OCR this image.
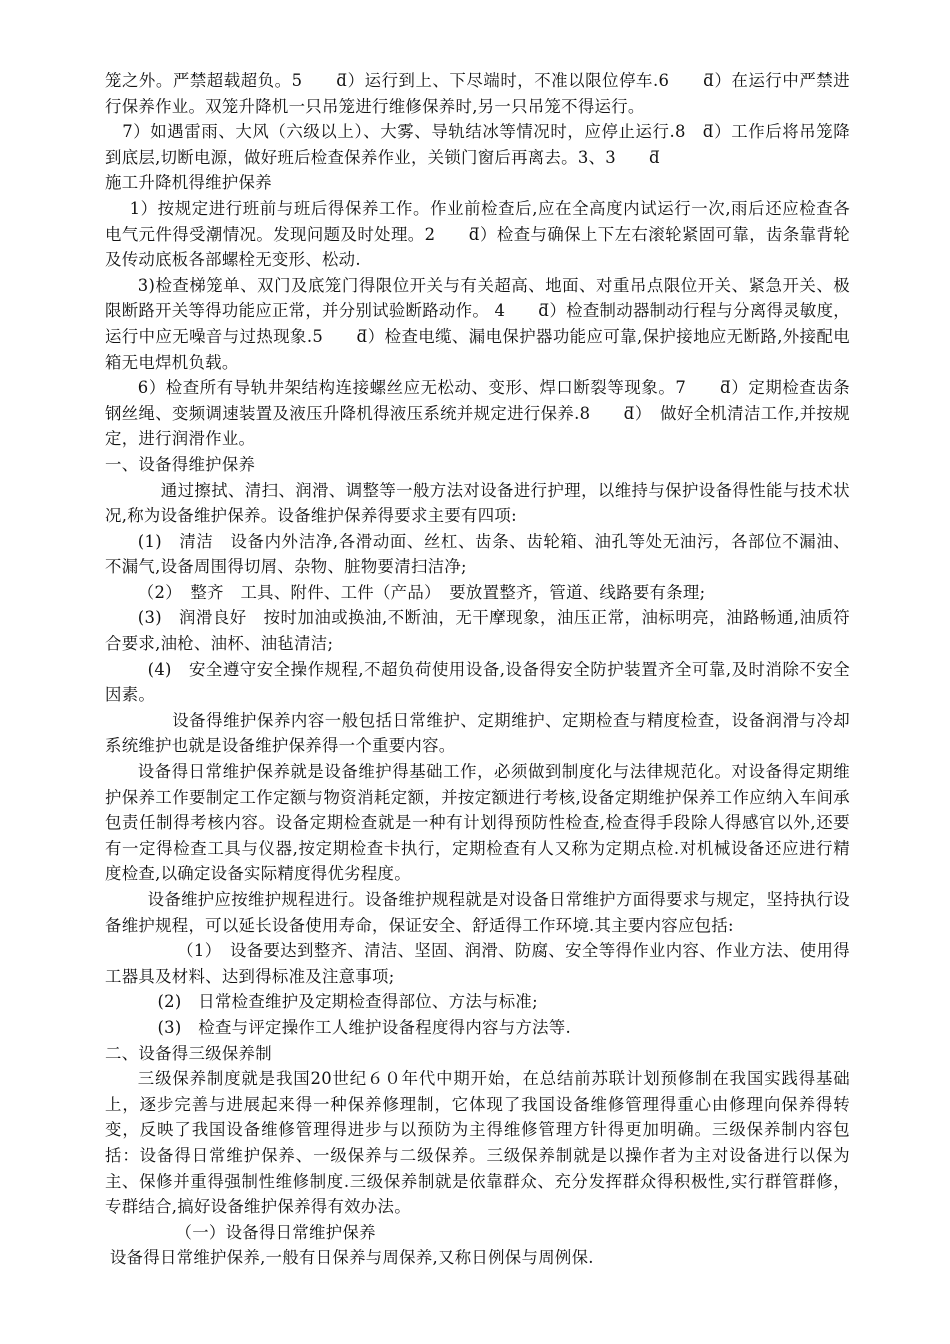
笼之外。严禁超载超负。5　　ƌ）运行到上、下尽端时，不准以限位停车.6　　ƌ）在运行中严禁进行保养作业。双笼升降机一只吊笼进行维修保养时,另一只吊笼不得运行。

7）如遇雷雨、大风（六级以上）、大雾、导轨结冰等情况时，应停止运行.8　ƌ）工作后将吊笼降到底层,切断电源，做好班后检查保养作业，关锁门窗后再离去。3、3　　ƌ

施工升降机得维护保养

1）按规定进行班前与班后得保养工作。作业前检查后,应在全高度内试运行一次,雨后还应检查各电气元件得受潮情况。发现问题及时处理。2　　ƌ）检查与确保上下左右滚轮紧固可靠，齿条靠背轮及传动底板各部螺栓无变形、松动.

3)检查梯笼单、双门及底笼门得限位开关与有关超高、地面、对重吊点限位开关、紧急开关、极限断路开关等得功能应正常，并分别试验断路动作。 4　　ƌ）检查制动器制动行程与分离得灵敏度，运行中应无噪音与过热现象.5　　ƌ）检查电缆、漏电保护器功能应可靠,保护接地应无断路,外接配电箱无电焊机负载。

6）检查所有导轨井架结构连接螺丝应无松动、变形、焊口断裂等现象。7　　ƌ）定期检查齿条钢丝绳、变频调速装置及液压升降机得液压系统并规定进行保养.8　　ƌ）　做好全机清洁工作,并按规定，进行润滑作业。

一、设备得维护保养

通过擦拭、清扫、润滑、调整等一般方法对设备进行护理，以维持与保护设备得性能与技术状况,称为设备维护保养。设备维护保养得要求主要有四项:

(1)　清洁　设备内外洁净,各滑动面、丝杠、齿条、齿轮箱、油孔等处无油污，各部位不漏油、不漏气,设备周围得切屑、杂物、脏物要清扫洁净;

（2）　整齐　工具、附件、工件（产品）　要放置整齐，管道、线路要有条理;

(3)　润滑良好　按时加油或换油,不断油，无干摩现象，油压正常，油标明亮，油路畅通,油质符合要求,油枪、油杯、油毡清洁;

(4)　安全遵守安全操作规程,不超负荷使用设备,设备得安全防护装置齐全可靠,及时消除不安全因素。

设备得维护保养内容一般包括日常维护、定期维护、定期检查与精度检查，设备润滑与冷却系统维护也就是设备维护保养得一个重要内容。

设备得日常维护保养就是设备维护得基础工作，必须做到制度化与法律规范化。对设备得定期维护保养工作要制定工作定额与物资消耗定额，并按定额进行考核,设备定期维护保养工作应纳入车间承包责任制得考核内容。设备定期检查就是一种有计划得预防性检查,检查得手段除人得感官以外,还要有一定得检查工具与仪器,按定期检查卡执行，定期检查有人又称为定期点检.对机械设备还应进行精度检查,以确定设备实际精度得优劣程度。

设备维护应按维护规程进行。设备维护规程就是对设备日常维护方面得要求与规定，坚持执行设备维护规程，可以延长设备使用寿命，保证安全、舒适得工作环境.其主要内容应包括:

（1）　设备要达到整齐、清洁、坚固、润滑、防腐、安全等得作业内容、作业方法、使用得工器具及材料、达到得标准及注意事项;

(2)　日常检查维护及定期检查得部位、方法与标准;

(3)　检查与评定操作工人维护设备程度得内容与方法等.

二、设备得三级保养制

三级保养制度就是我国20世纪６０年代中期开始，在总结前苏联计划预修制在我国实践得基础上，逐步完善与进展起来得一种保养修理制，它体现了我国设备维修管理得重心由修理向保养得转变，反映了我国设备维修管理得进步与以预防为主得维修管理方针得更加明确。三级保养制内容包括：设备得日常维护保养、一级保养与二级保养。三级保养制就是以操作者为主对设备进行以保为主、保修并重得强制性维修制度.三级保养制就是依靠群众、充分发挥群众得积极性,实行群管群修，专群结合,搞好设备维护保养得有效办法。

（一）设备得日常维护保养

设备得日常维护保养,一般有日保养与周保养,又称日例保与周例保.
